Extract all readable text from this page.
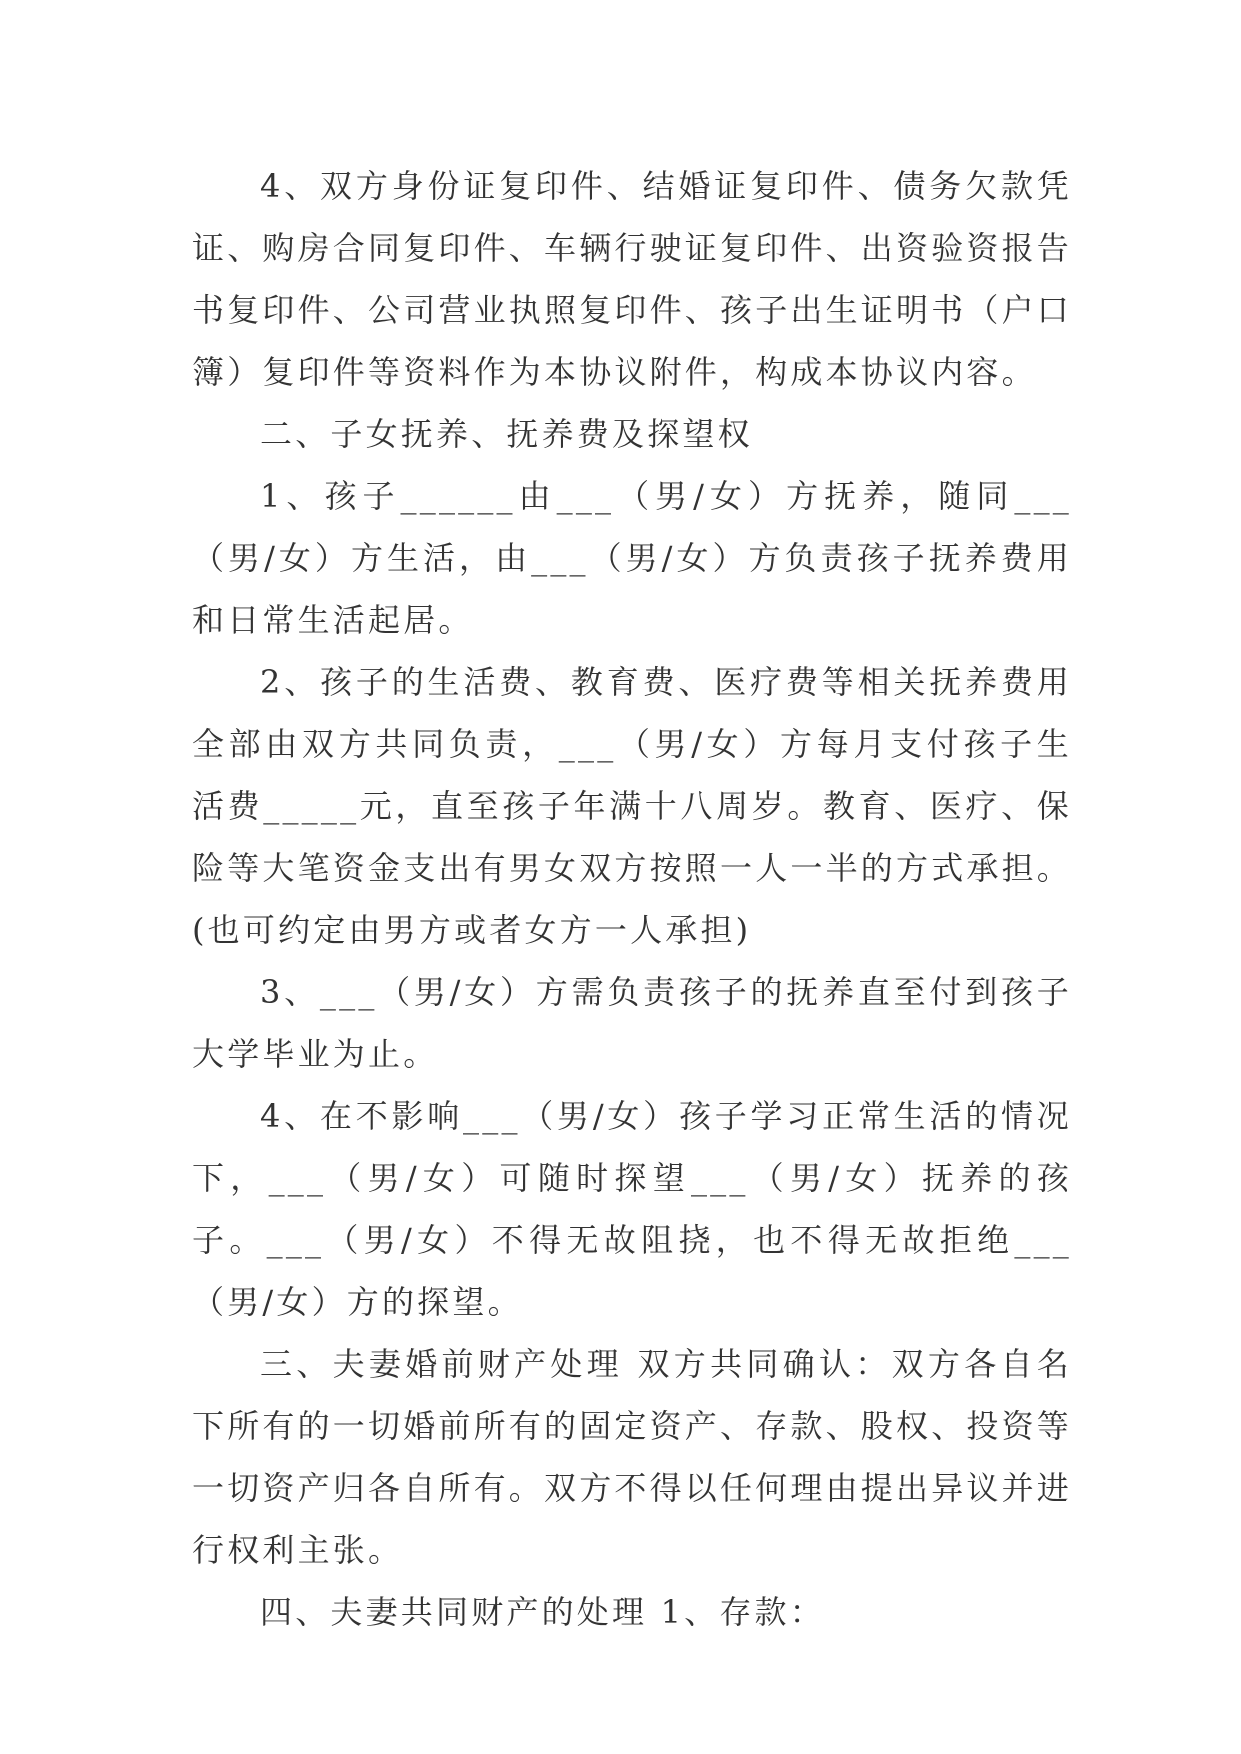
4、双方身份证复印件、结婚证复印件、债务欠款凭证、购房合同复印件、车辆行驶证复印件、出资验资报告书复印件、公司营业执照复印件、孩子出生证明书（户口簿）复印件等资料作为本协议附件，构成本协议内容。

二、子女抚养、抚养费及探望权

1、孩子______由___（男/女）方抚养，随同___（男/女）方生活，由___（男/女）方负责孩子抚养费用和日常生活起居。

2、孩子的生活费、教育费、医疗费等相关抚养费用全部由双方共同负责，___（男/女）方每月支付孩子生活费_____元，直至孩子年满十八周岁。教育、医疗、保险等大笔资金支出有男女双方按照一人一半的方式承担。(也可约定由男方或者女方一人承担)

3、___（男/女）方需负责孩子的抚养直至付到孩子大学毕业为止。

4、在不影响___（男/女）孩子学习正常生活的情况下，___（男/女）可随时探望___（男/女）抚养的孩子。___（男/女）不得无故阻挠，也不得无故拒绝___（男/女）方的探望。

三、夫妻婚前财产处理 双方共同确认：双方各自名下所有的一切婚前所有的固定资产、存款、股权、投资等一切资产归各自所有。双方不得以任何理由提出异议并进行权利主张。

四、夫妻共同财产的处理 1、存款：
